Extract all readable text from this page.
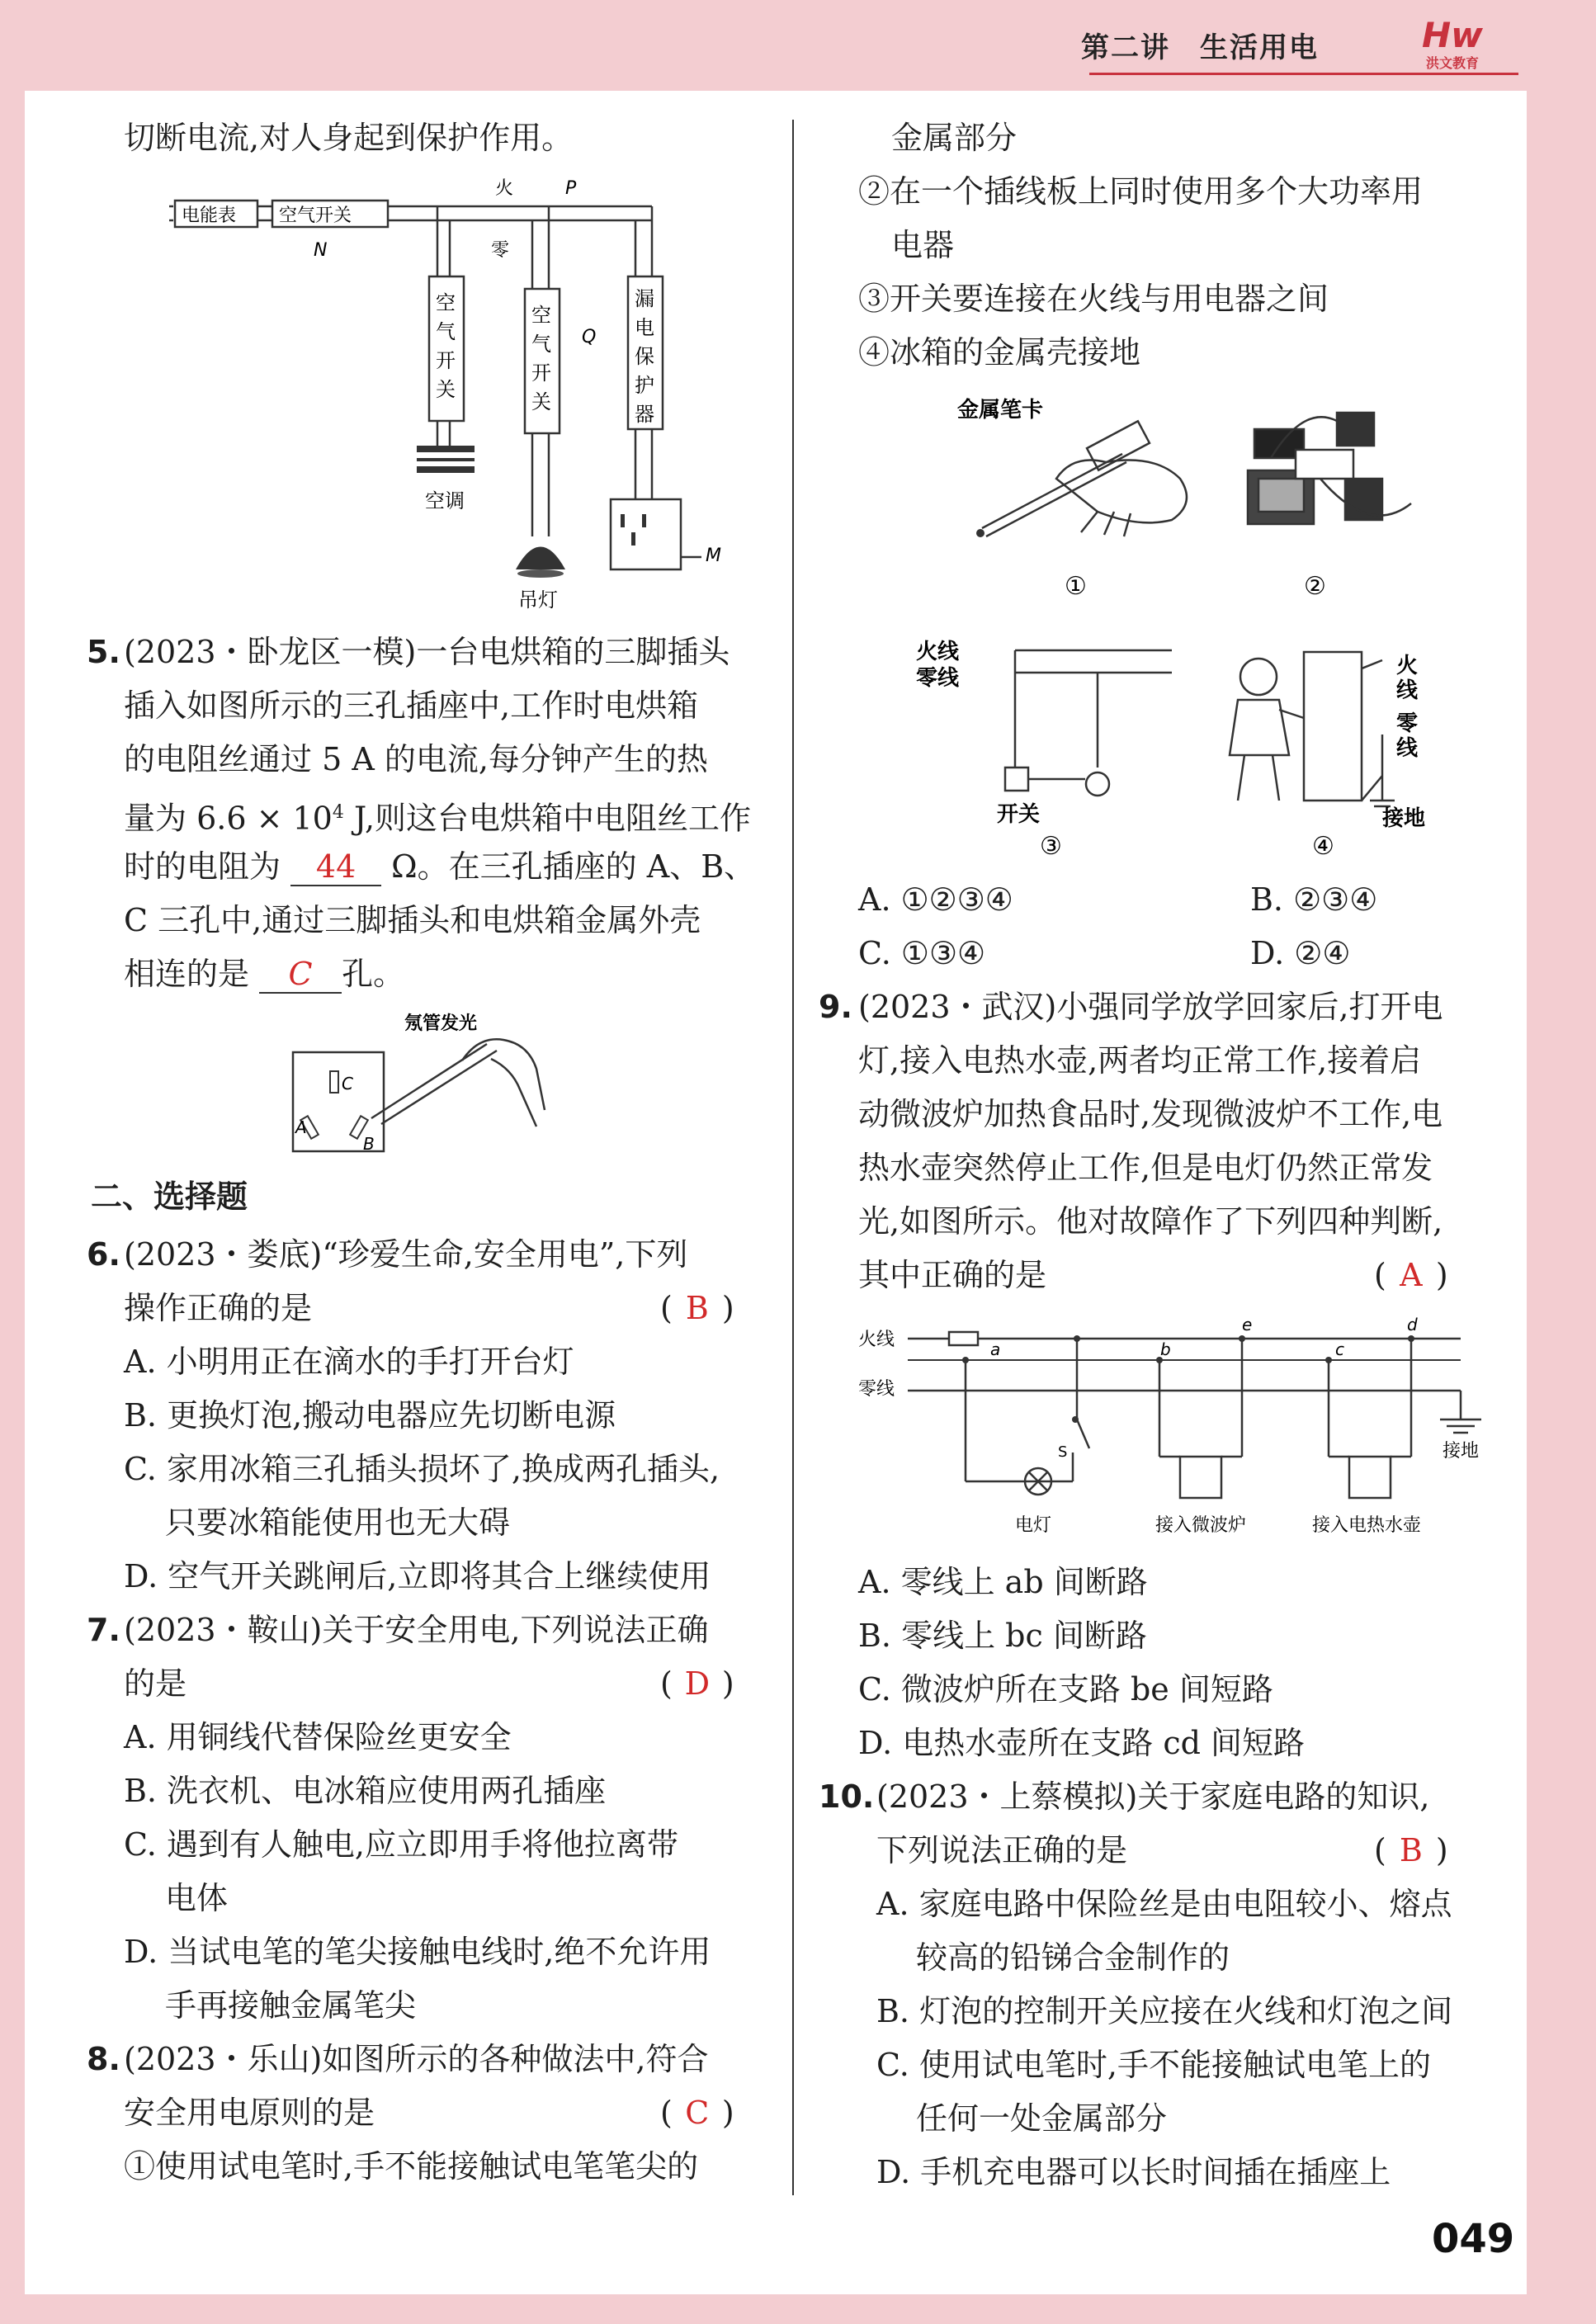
第二讲　生活用电	Hw
洪文教育
切断电流,对人身起到保护作用。
电能表 空气开关
火	P
零
N
Q
M
空
气
开
关
空
气
开
关
漏
电
保
护
器
空调
吊灯
5. (2023・卧龙区一模)一台电烘箱的三脚插头
插入如图所示的三孔插座中,工作时电烘箱
的电阻丝通过 5 A 的电流,每分钟产生的热
量为 $6.6 \times 10^4$ J,则这台电烘箱中电阻丝工作
时的电阻为 44 Ω。在三孔插座的 A、B、
C 三孔中,通过三脚插头和电烘箱金属外壳
相连的是 C 孔。
氖管发光
C
A
B
二、选择题
6. (2023・娄底)“珍爱生命,安全用电”,下列
操作正确的是	( B )
A. 小明用正在滴水的手打开台灯
B. 更换灯泡,搬动电器应先切断电源
C. 家用冰箱三孔插头损坏了,换成两孔插头,
只要冰箱能使用也无大碍
D. 空气开关跳闸后,立即将其合上继续使用
7. (2023・鞍山)关于安全用电,下列说法正确
的是	( D )
A. 用铜线代替保险丝更安全
B. 洗衣机、电冰箱应使用两孔插座
C. 遇到有人触电,应立即用手将他拉离带
电体
D. 当试电笔的笔尖接触电线时,绝不允许用
手再接触金属笔尖
8. (2023・乐山)如图所示的各种做法中,符合
安全用电原则的是	( C )
①使用试电笔时,手不能接触试电笔笔尖的
金属部分
②在一个插线板上同时使用多个大功率用
电器
③开关要连接在火线与用电器之间
④冰箱的金属壳接地
金属笔卡
①	②
火线
零线
开关
③
火
线
零
线
接地
④
A. ①②③④	B. ②③④
C. ①③④	D. ②④
9. (2023・武汉)小强同学放学回家后,打开电
灯,接入电热水壶,两者均正常工作,接着启
动微波炉加热食品时,发现微波炉不工作,电
热水壶突然停止工作,但是电灯仍然正常发
光,如图所示。他对故障作了下列四种判断,
其中正确的是	( A )
火线
零线
a	b	c
e	d
S
电灯	接入微波炉	接入电热水壶
接地
A. 零线上 ab 间断路
B. 零线上 bc 间断路
C. 微波炉所在支路 be 间短路
D. 电热水壶所在支路 cd 间短路
10. (2023・上蔡模拟)关于家庭电路的知识,
下列说法正确的是	( B )
A. 家庭电路中保险丝是由电阻较小、熔点
较高的铅锑合金制作的
B. 灯泡的控制开关应接在火线和灯泡之间
C. 使用试电笔时,手不能接触试电笔上的
任何一处金属部分
D. 手机充电器可以长时间插在插座上
049
